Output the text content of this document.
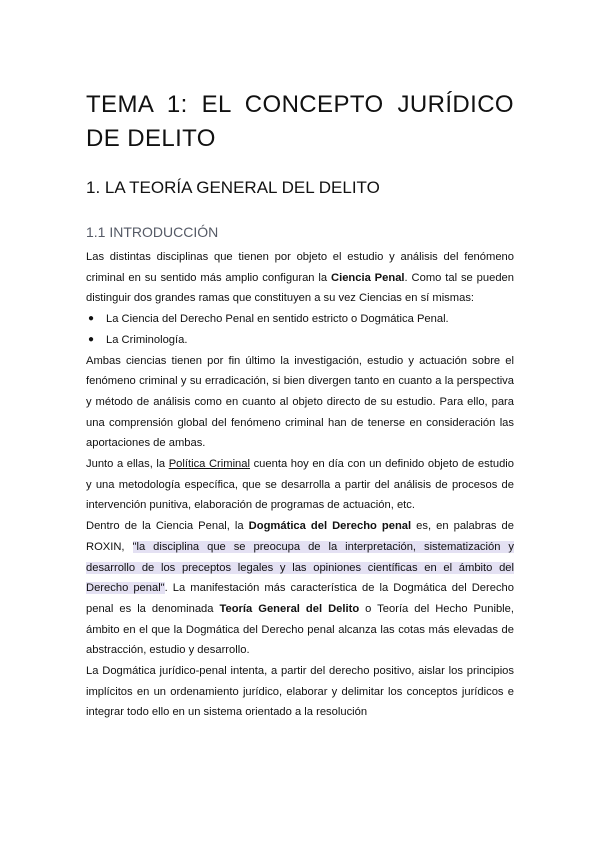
TEMA 1: EL CONCEPTO JURÍDICO DE DELITO
1. LA TEORÍA GENERAL DEL DELITO
1.1 INTRODUCCIÓN

Las distintas disciplinas que tienen por objeto el estudio y análisis del fenómeno criminal en su sentido más amplio configuran la Ciencia Penal. Como tal se pueden distinguir dos grandes ramas que constituyen a su vez Ciencias en sí mismas:

● La Ciencia del Derecho Penal en sentido estricto o Dogmática Penal.
● La Criminología.

Ambas ciencias tienen por fin último la investigación, estudio y actuación sobre el fenómeno criminal y su erradicación, si bien divergen tanto en cuanto a la perspectiva y método de análisis como en cuanto al objeto directo de su estudio. Para ello, para una comprensión global del fenómeno criminal han de tenerse en consideración las aportaciones de ambas.

Junto a ellas, la Política Criminal cuenta hoy en día con un definido objeto de estudio y una metodología específica, que se desarrolla a partir del análisis de procesos de intervención punitiva, elaboración de programas de actuación, etc.

Dentro de la Ciencia Penal, la Dogmática del Derecho penal es, en palabras de ROXIN, "la disciplina que se preocupa de la interpretación, sistematización y desarrollo de los preceptos legales y las opiniones científicas en el ámbito del Derecho penal". La manifestación más característica de la Dogmática del Derecho penal es la denominada Teoría General del Delito o Teoría del Hecho Punible, ámbito en el que la Dogmática del Derecho penal alcanza las cotas más elevadas de abstracción, estudio y desarrollo.

La Dogmática jurídico-penal intenta, a partir del derecho positivo, aislar los principios implícitos en un ordenamiento jurídico, elaborar y delimitar los conceptos jurídicos e integrar todo ello en un sistema orientado a la resolución
